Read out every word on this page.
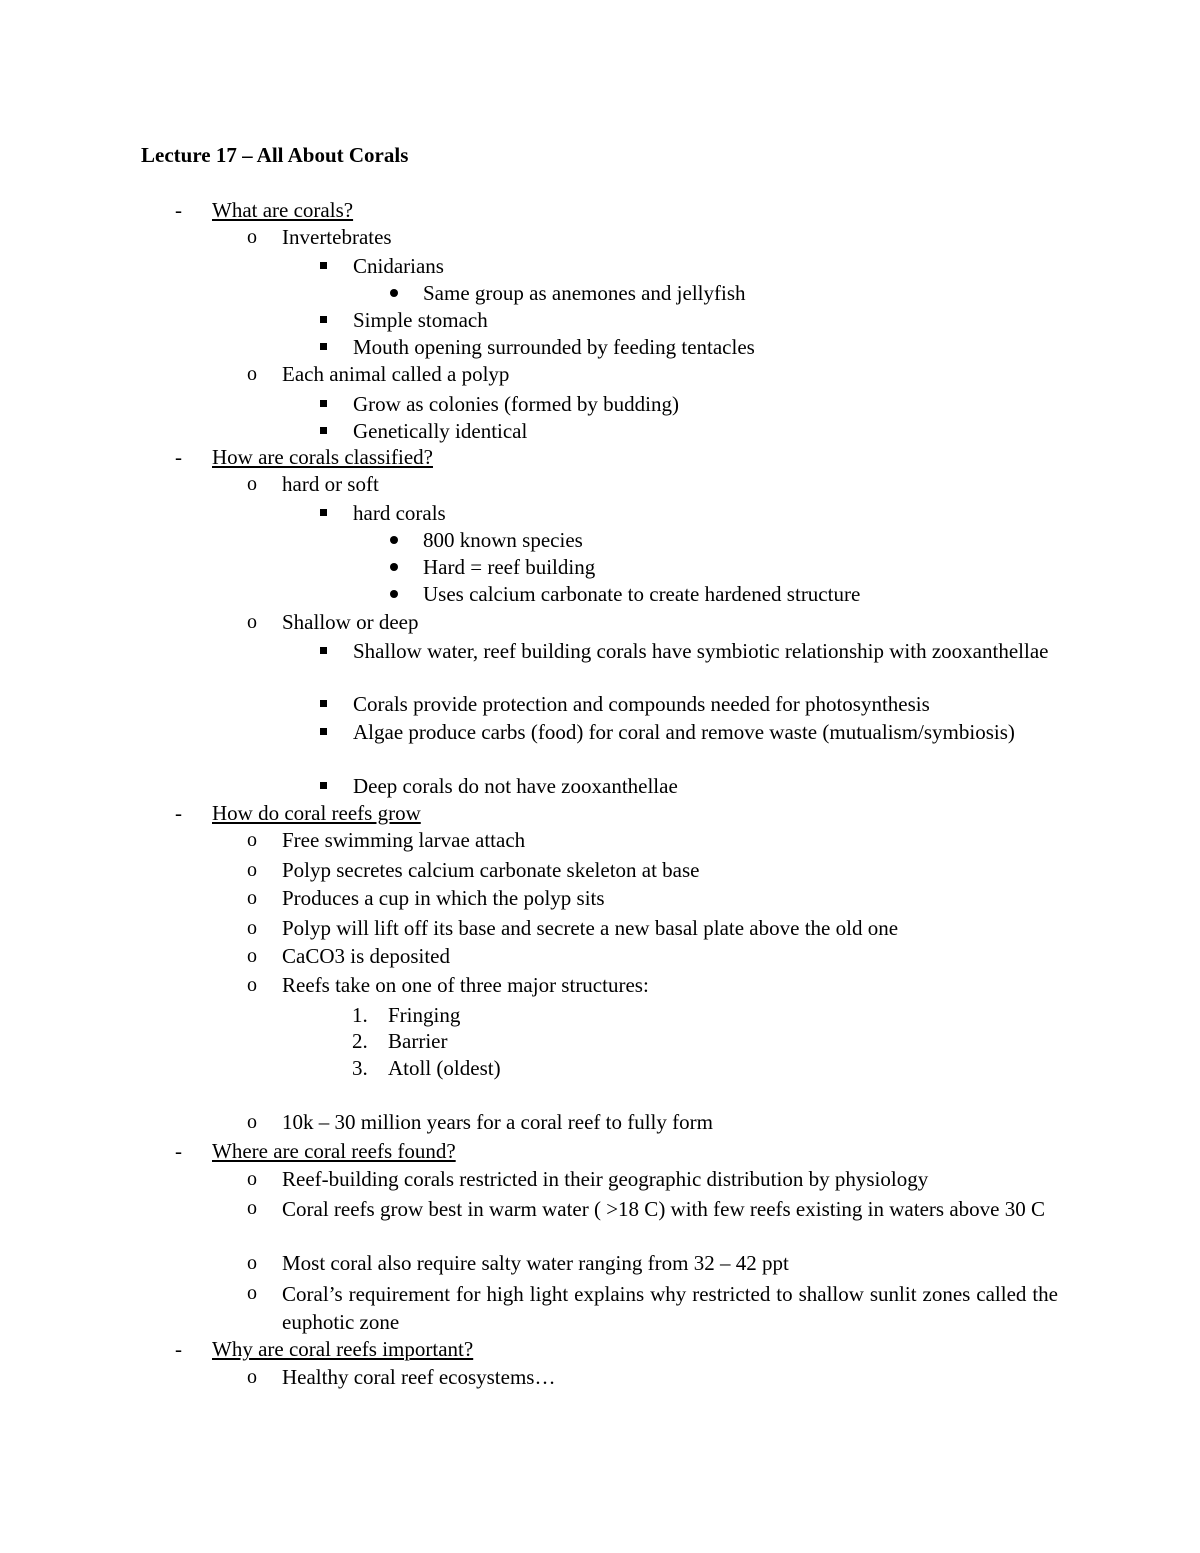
Lecture 17 – All About Corals
- What are corals?
o Invertebrates
Cnidarians
Same group as anemones and jellyfish
Simple stomach
Mouth opening surrounded by feeding tentacles
o Each animal called a polyp
Grow as colonies (formed by budding)
Genetically identical
- How are corals classified?
o hard or soft
hard corals
800 known species
Hard = reef building
Uses calcium carbonate to create hardened structure
o Shallow or deep
Shallow water, reef building corals have symbiotic relationship with zooxanthellae
Corals provide protection and compounds needed for photosynthesis
Algae produce carbs (food) for coral and remove waste (mutualism/symbiosis)
Deep corals do not have zooxanthellae
- How do coral reefs grow
o Free swimming larvae attach
o Polyp secretes calcium carbonate skeleton at base
o Produces a cup in which the polyp sits
o Polyp will lift off its base and secrete a new basal plate above the old one
o CaCO3 is deposited
o Reefs take on one of three major structures:
1. Fringing
2. Barrier
3. Atoll (oldest)
o 10k – 30 million years for a coral reef to fully form
- Where are coral reefs found?
o Reef-building corals restricted in their geographic distribution by physiology
o Coral reefs grow best in warm water ( >18 C) with few reefs existing in waters above 30 C
o Most coral also require salty water ranging from 32 – 42 ppt
o Coral’s requirement for high light explains why restricted to shallow sunlit zones called the euphotic zone
- Why are coral reefs important?
o Healthy coral reef ecosystems…
